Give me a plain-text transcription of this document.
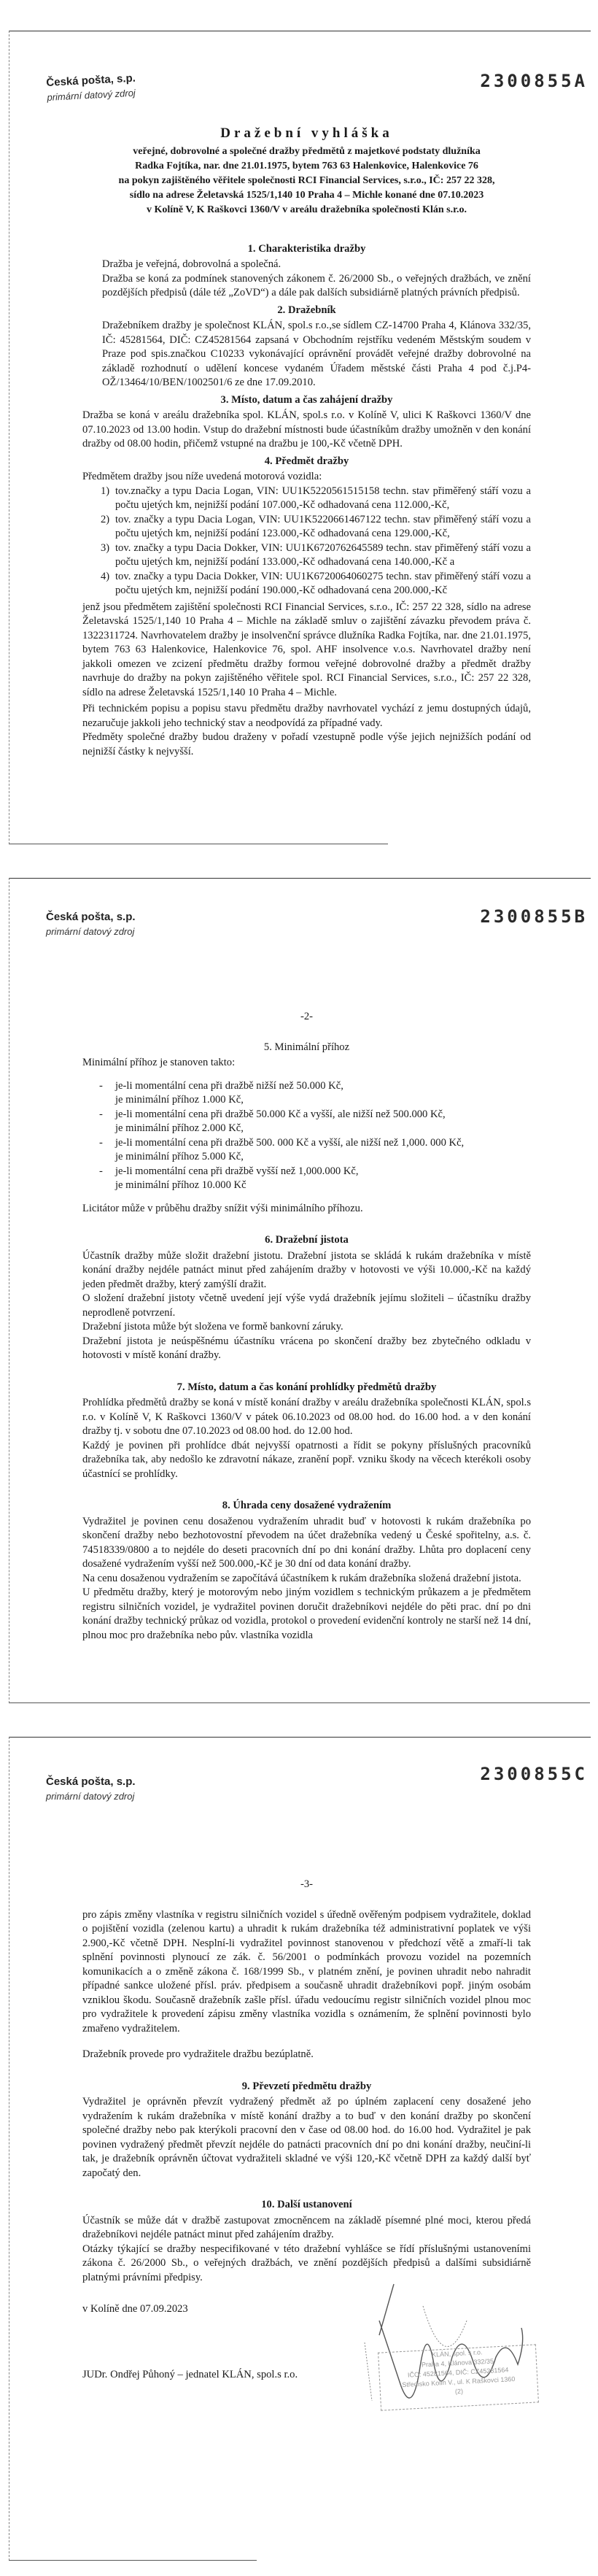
Česká pošta, s.p.
primární datový zdroj
2300855A
Dražební vyhláška
veřejné, dobrovolné a společné dražby předmětů z majetkové podstaty dlužníka
Radka Fojtíka, nar. dne 21.01.1975, bytem 763 63 Halenkovice, Halenkovice 76
na pokyn zajištěného věřitele společnosti RCI Financial Services, s.r.o., IČ: 257 22 328,
sídlo na adrese Želetavská 1525/1,140 10 Praha 4 – Michle konané dne 07.10.2023
v Kolíně V, K Raškovci 1360/V v areálu dražebníka společnosti Klán s.r.o.
1. Charakteristika dražby

Dražba je veřejná, dobrovolná a společná.

Dražba se koná za podmínek stanovených zákonem č. 26/2000 Sb., o veřejných dražbách, ve znění pozdějších předpisů (dále též „ZoVD“) a dále pak dalších subsidiárně platných právních předpisů.

2. Dražebník

Dražebníkem dražby je společnost KLÁN, spol.s r.o.,se sídlem CZ-14700 Praha 4, Klánova 332/35, IČ: 45281564, DIČ: CZ45281564 zapsaná v Obchodním rejstříku vedeném Městským soudem v Praze pod spis.značkou C10233 vykonávající oprávnění provádět veřejné dražby dobrovolné na základě rozhodnutí o udělení koncese vydaném Úřadem městské části Praha 4 pod č.j.P4-OŽ/13464/10/BEN/1002501/6 ze dne 17.09.2010.

3. Místo, datum a čas zahájení dražby

Dražba se koná v areálu dražebníka spol. KLÁN, spol.s r.o. v Kolíně V, ulici K Raškovci 1360/V dne 07.10.2023 od 13.00 hodin. Vstup do dražební místnosti bude účastníkům dražby umožněn v den konání dražby od 08.00 hodin, přičemž vstupné na dražbu je 100,-Kč včetně DPH.

4. Předmět dražby

Předmětem dražby jsou níže uvedená motorová vozidla:

1) tov.značky a typu Dacia Logan, VIN: UU1K5220561515158 techn. stav přiměřený stáří vozu a počtu ujetých km, nejnižší podání 107.000,-Kč odhadovaná cena 112.000,-Kč,
2) tov. značky a typu Dacia Logan, VIN: UU1K5220661467122 techn. stav přiměřený stáří vozu a počtu ujetých km, nejnižší podání 123.000,-Kč odhadovaná cena 129.000,-Kč,
3) tov. značky a typu Dacia Dokker, VIN: UU1K6720762645589 techn. stav přiměřený stáří vozu a počtu ujetých km, nejnižší podání 133.000,-Kč odhadovaná cena 140.000,-Kč a
4) tov. značky a typu Dacia Dokker, VIN: UU1K6720064060275 techn. stav přiměřený stáří vozu a počtu ujetých km, nejnižší podání 190.000,-Kč odhadovaná cena 200.000,-Kč

jenž jsou předmětem zajištění společnosti RCI Financial Services, s.r.o., IČ: 257 22 328, sídlo na adrese Želetavská 1525/1,140 10 Praha 4 – Michle na základě smluv o zajištění závazku převodem práva č. 1322311724. Navrhovatelem dražby je insolvenční správce dlužníka Radka Fojtíka, nar. dne 21.01.1975, bytem 763 63 Halenkovice, Halenkovice 76, spol. AHF insolvence v.o.s. Navrhovatel dražby není jakkoli omezen ve zcizení předmětu dražby formou veřejné dobrovolné dražby a předmět dražby navrhuje do dražby na pokyn zajištěného věřitele spol. RCI Financial Services, s.r.o., IČ: 257 22 328, sídlo na adrese Želetavská 1525/1,140 10 Praha 4 – Michle.

Při technickém popisu a popisu stavu předmětu dražby navrhovatel vychází z jemu dostupných údajů, nezaručuje jakkoli jeho technický stav a neodpovídá za případné vady.

Předměty společné dražby budou draženy v pořadí vzestupně podle výše jejich nejnižších podání od nejnižší částky k nejvyšší.

Česká pošta, s.p.
primární datový zdroj
2300855B
-2-
5. Minimální příhoz

Minimální příhoz je stanoven takto:

- je-li momentální cena při dražbě nižší než 50.000 Kč,
je minimální příhoz 1.000 Kč,
- je-li momentální cena při dražbě 50.000 Kč a vyšší, ale nižší než 500.000 Kč,
je minimální příhoz 2.000 Kč,
- je-li momentální cena při dražbě 500. 000 Kč a vyšší, ale nižší než 1,000. 000 Kč,
je minimální příhoz 5.000 Kč,
- je-li momentální cena při dražbě vyšší než 1,000.000 Kč,
je minimální příhoz 10.000 Kč

Licitátor může v průběhu dražby snížit výši minimálního příhozu.

6. Dražební jistota

Účastník dražby může složit dražební jistotu. Dražební jistota se skládá k rukám dražebníka v místě konání dražby nejdéle patnáct minut před zahájením dražby v hotovosti ve výši 10.000,-Kč na každý jeden předmět dražby, který zamýšlí dražit.

O složení dražební jistoty včetně uvedení její výše vydá dražebník jejímu složiteli – účastníku dražby neprodleně potvrzení.

Dražební jistota může být složena ve formě bankovní záruky.

Dražební jistota je neúspěšnému účastníku vrácena po skončení dražby bez zbytečného odkladu v hotovosti v místě konání dražby.

7. Místo, datum a čas konání prohlídky předmětů dražby

Prohlídka předmětů dražby se koná v místě konání dražby v areálu dražebníka společnosti KLÁN, spol.s r.o. v Kolíně V, K Raškovci 1360/V v pátek 06.10.2023 od 08.00 hod. do 16.00 hod. a v den konání dražby tj. v sobotu dne 07.10.2023 od 08.00 hod. do 12.00 hod.

Každý je povinen při prohlídce dbát nejvyšší opatrnosti a řídit se pokyny příslušných pracovníků dražebníka tak, aby nedošlo ke zdravotní nákaze, zranění popř. vzniku škody na věcech kterékoli osoby účastnící se prohlídky.

8. Úhrada ceny dosažené vydražením

Vydražitel je povinen cenu dosaženou vydražením uhradit buď v hotovosti k rukám dražebníka po skončení dražby nebo bezhotovostní převodem na účet dražebníka vedený u České spořitelny, a.s. č. 74518339/0800 a to nejdéle do deseti pracovních dní po dni konání dražby. Lhůta pro doplacení ceny dosažené vydražením vyšší než 500.000,-Kč je 30 dní od data konání dražby.

Na cenu dosaženou vydražením se započítává účastníkem k rukám dražebníka složená dražební jistota.

U předmětu dražby, který je motorovým nebo jiným vozidlem s technickým průkazem a je předmětem registru silničních vozidel, je vydražitel povinen doručit dražebníkovi nejdéle do pěti prac. dní po dni konání dražby technický průkaz od vozidla, protokol o provedení evidenční kontroly ne starší než 14 dní, plnou moc pro dražebníka nebo pův. vlastníka vozidla

Česká pošta, s.p.
primární datový zdroj
2300855C
-3-

pro zápis změny vlastníka v registru silničních vozidel s úředně ověřeným podpisem vydražitele, doklad o pojištění vozidla (zelenou kartu) a uhradit k rukám dražebníka též administrativní poplatek ve výši 2.900,-Kč včetně DPH. Nesplní-li vydražitel povinnost stanovenou v předchozí větě a zmaří-li tak splnění povinnosti plynoucí ze zák. č. 56/2001 o podmínkách provozu vozidel na pozemních komunikacích a o změně zákona č. 168/1999 Sb., v platném znění, je povinen uhradit nebo nahradit případné sankce uložené přísl. práv. předpisem a současně uhradit dražebníkovi popř. jiným osobám vzniklou škodu. Současně dražebník zašle přísl. úřadu vedoucímu registr silničních vozidel plnou moc pro vydražitele k provedení zápisu změny vlastníka vozidla s oznámením, že splnění povinnosti bylo zmařeno vydražitelem.

Dražebník provede pro vydražitele dražbu bezúplatně.

9. Převzetí předmětu dražby

Vydražitel je oprávněn převzít vydražený předmět až po úplném zaplacení ceny dosažené jeho vydražením k rukám dražebníka v místě konání dražby a to buď v den konání dražby po skončení společné dražby nebo pak kterýkoli pracovní den v čase od 08.00 hod. do 16.00 hod. Vydražitel je pak povinen vydražený předmět převzít nejdéle do patnácti pracovních dní po dni konání dražby, neučiní-li tak, je dražebník oprávněn účtovat vydražiteli skladné ve výši 120,-Kč včetně DPH za každý další byť započatý den.

10. Další ustanovení

Účastník se může dát v dražbě zastupovat zmocněncem na základě písemné plné moci, kterou předá dražebníkovi nejdéle patnáct minut před zahájením dražby.

Otázky týkající se dražby nespecifikované v této dražební vyhlášce se řídí příslušnými ustanoveními zákona č. 26/2000 Sb., o veřejných dražbách, ve znění pozdějších předpisů a dalšími subsidiárně platnými právními předpisy.

v Kolíně dne 07.09.2023

JUDr. Ondřej Půhoný – jednatel KLÁN, spol.s r.o.

KLÁN, spol. s r.o.
Praha 4, Klánova 332/35
IČO: 45281564, DIČ: CZ45281564
Středisko Kolín V., ul. K Raškovci 1360
(2)
